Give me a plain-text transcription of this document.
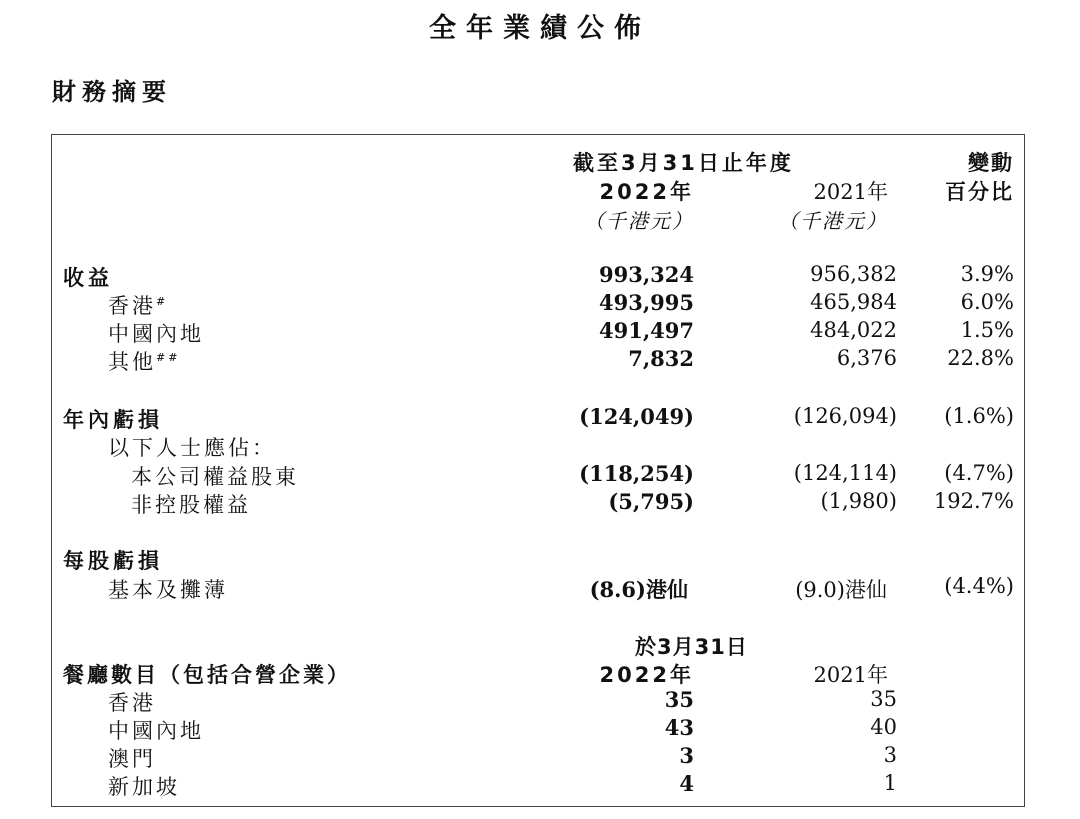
全年業績公佈
財務摘要
截至3月31日止年度
2022年	2021年
（千港元）	（千港元）
變動
百分比
收益	993,324	956,382	3.9%
香港#	493,995	465,984	6.0%
中國內地	491,497	484,022	1.5%
其他##	7,832	6,376 22.8%
年內虧損	(124,049)	(126,094) (1.6%)
以下人士應佔：
本公司權益股東	(118,254)	(124,114) (4.7%)
非控股權益	(5,795)	(1,980) 192.7%
每股虧損
基本及攤薄	(8.6)港仙	(9.0)港仙	(4.4%)
於3月31日
餐廳數目（包括合營企業）	2022年	2021年
香港	35	35
中國內地	43	40
澳門	3	3
新加坡	4	1
